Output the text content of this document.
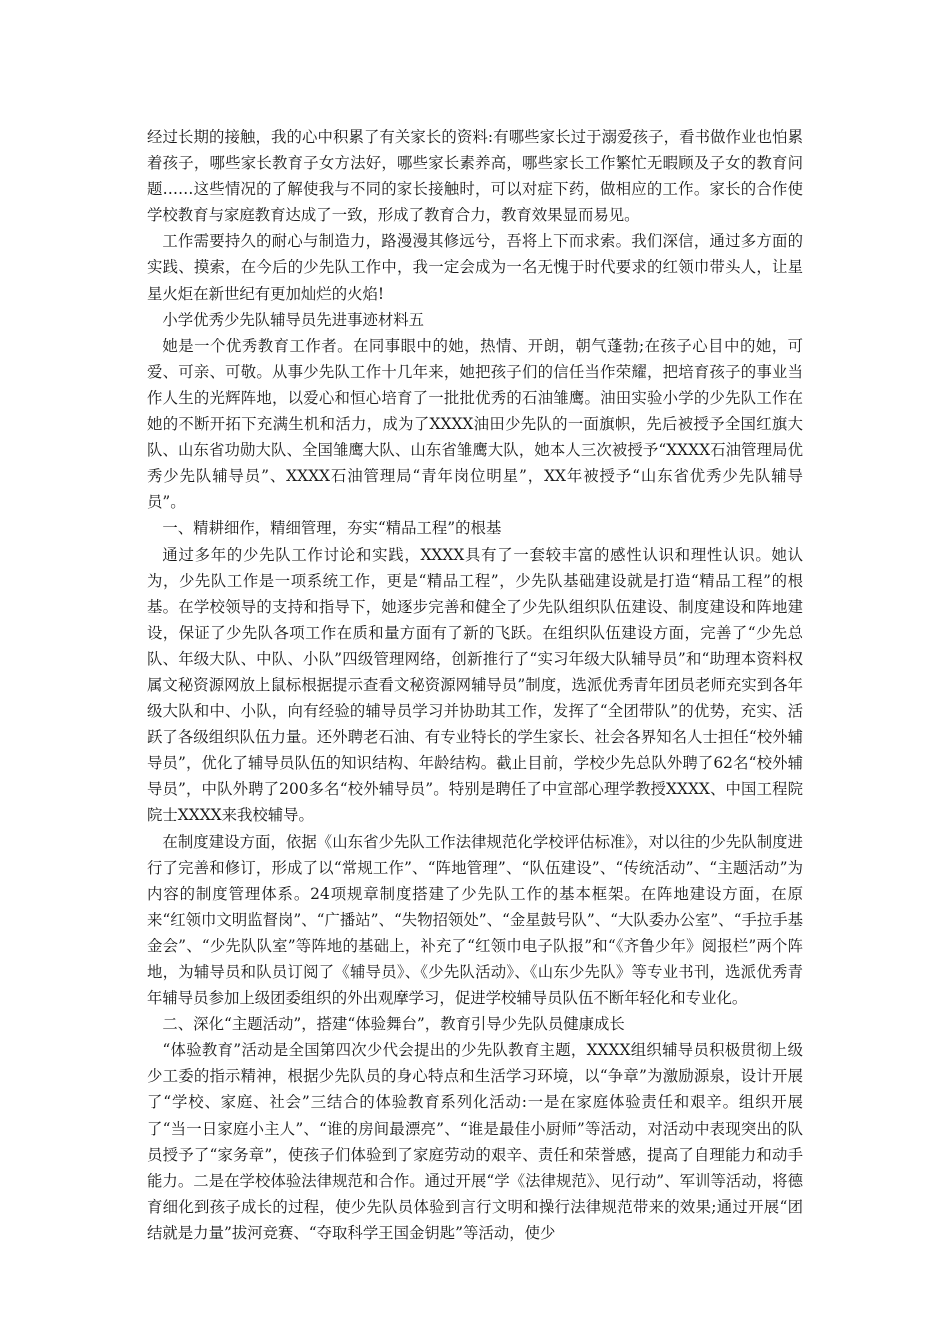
经过长期的接触，我的心中积累了有关家长的资料:有哪些家长过于溺爱孩子，看书做作业也怕累着孩子，哪些家长教育子女方法好，哪些家长素养高，哪些家长工作繁忙无暇顾及子女的教育问题……这些情况的了解使我与不同的家长接触时，可以对症下药，做相应的工作。家长的合作使学校教育与家庭教育达成了一致，形成了教育合力，教育效果显而易见。

工作需要持久的耐心与制造力，路漫漫其修远兮，吾将上下而求索。我们深信，通过多方面的实践、摸索，在今后的少先队工作中，我一定会成为一名无愧于时代要求的红领巾带头人，让星星火炬在新世纪有更加灿烂的火焰!

小学优秀少先队辅导员先进事迹材料五

她是一个优秀教育工作者。在同事眼中的她，热情、开朗，朝气蓬勃;在孩子心目中的她，可爱、可亲、可敬。从事少先队工作十几年来，她把孩子们的信任当作荣耀，把培育孩子的事业当作人生的光辉阵地，以爱心和恒心培育了一批批优秀的石油雏鹰。油田实验小学的少先队工作在她的不断开拓下充满生机和活力，成为了XXXX油田少先队的一面旗帜，先后被授予全国红旗大队、山东省功勋大队、全国雏鹰大队、山东省雏鹰大队，她本人三次被授予“XXXX石油管理局优秀少先队辅导员”、XXXX石油管理局“青年岗位明星”，XX年被授予“山东省优秀少先队辅导员”。

一、精耕细作，精细管理，夯实“精品工程”的根基

通过多年的少先队工作讨论和实践，XXXX具有了一套较丰富的感性认识和理性认识。她认为，少先队工作是一项系统工作，更是“精品工程”，少先队基础建设就是打造“精品工程”的根基。在学校领导的支持和指导下，她逐步完善和健全了少先队组织队伍建设、制度建设和阵地建设，保证了少先队各项工作在质和量方面有了新的飞跃。在组织队伍建设方面，完善了“少先总队、年级大队、中队、小队”四级管理网络，创新推行了“实习年级大队辅导员”和“助理本资料权属文秘资源网放上鼠标根据提示查看文秘资源网辅导员”制度，选派优秀青年团员老师充实到各年级大队和中、小队，向有经验的辅导员学习并协助其工作，发挥了“全团带队”的优势，充实、活跃了各级组织队伍力量。还外聘老石油、有专业特长的学生家长、社会各界知名人士担任“校外辅导员”，优化了辅导员队伍的知识结构、年龄结构。截止目前，学校少先总队外聘了62名“校外辅导员”，中队外聘了200多名“校外辅导员”。特别是聘任了中宣部心理学教授XXXX、中国工程院院士XXXX来我校辅导。

在制度建设方面，依据《山东省少先队工作法律规范化学校评估标准》，对以往的少先队制度进行了完善和修订，形成了以“常规工作”、“阵地管理”、“队伍建设”、“传统活动”、“主题活动”为内容的制度管理体系。24项规章制度搭建了少先队工作的基本框架。在阵地建设方面，在原来“红领巾文明监督岗”、“广播站”、“失物招领处”、“金星鼓号队”、“大队委办公室”、“手拉手基金会”、“少先队队室”等阵地的基础上，补充了“红领巾电子队报”和“《齐鲁少年》阅报栏”两个阵地，为辅导员和队员订阅了《辅导员》、《少先队活动》、《山东少先队》等专业书刊，选派优秀青年辅导员参加上级团委组织的外出观摩学习，促进学校辅导员队伍不断年轻化和专业化。

二、深化“主题活动”，搭建“体验舞台”，教育引导少先队员健康成长

“体验教育”活动是全国第四次少代会提出的少先队教育主题，XXXX组织辅导员积极贯彻上级少工委的指示精神，根据少先队员的身心特点和生活学习环境，以“争章”为激励源泉，设计开展了“学校、家庭、社会”三结合的体验教育系列化活动:一是在家庭体验责任和艰辛。组织开展了“当一日家庭小主人”、“谁的房间最漂亮”、“谁是最佳小厨师”等活动，对活动中表现突出的队员授予了“家务章”，使孩子们体验到了家庭劳动的艰辛、责任和荣誉感，提高了自理能力和动手能力。二是在学校体验法律规范和合作。通过开展“学《法律规范》、见行动”、军训等活动，将德育细化到孩子成长的过程，使少先队员体验到言行文明和操行法律规范带来的效果;通过开展“团结就是力量”拔河竞赛、“夺取科学王国金钥匙”等活动，使少
